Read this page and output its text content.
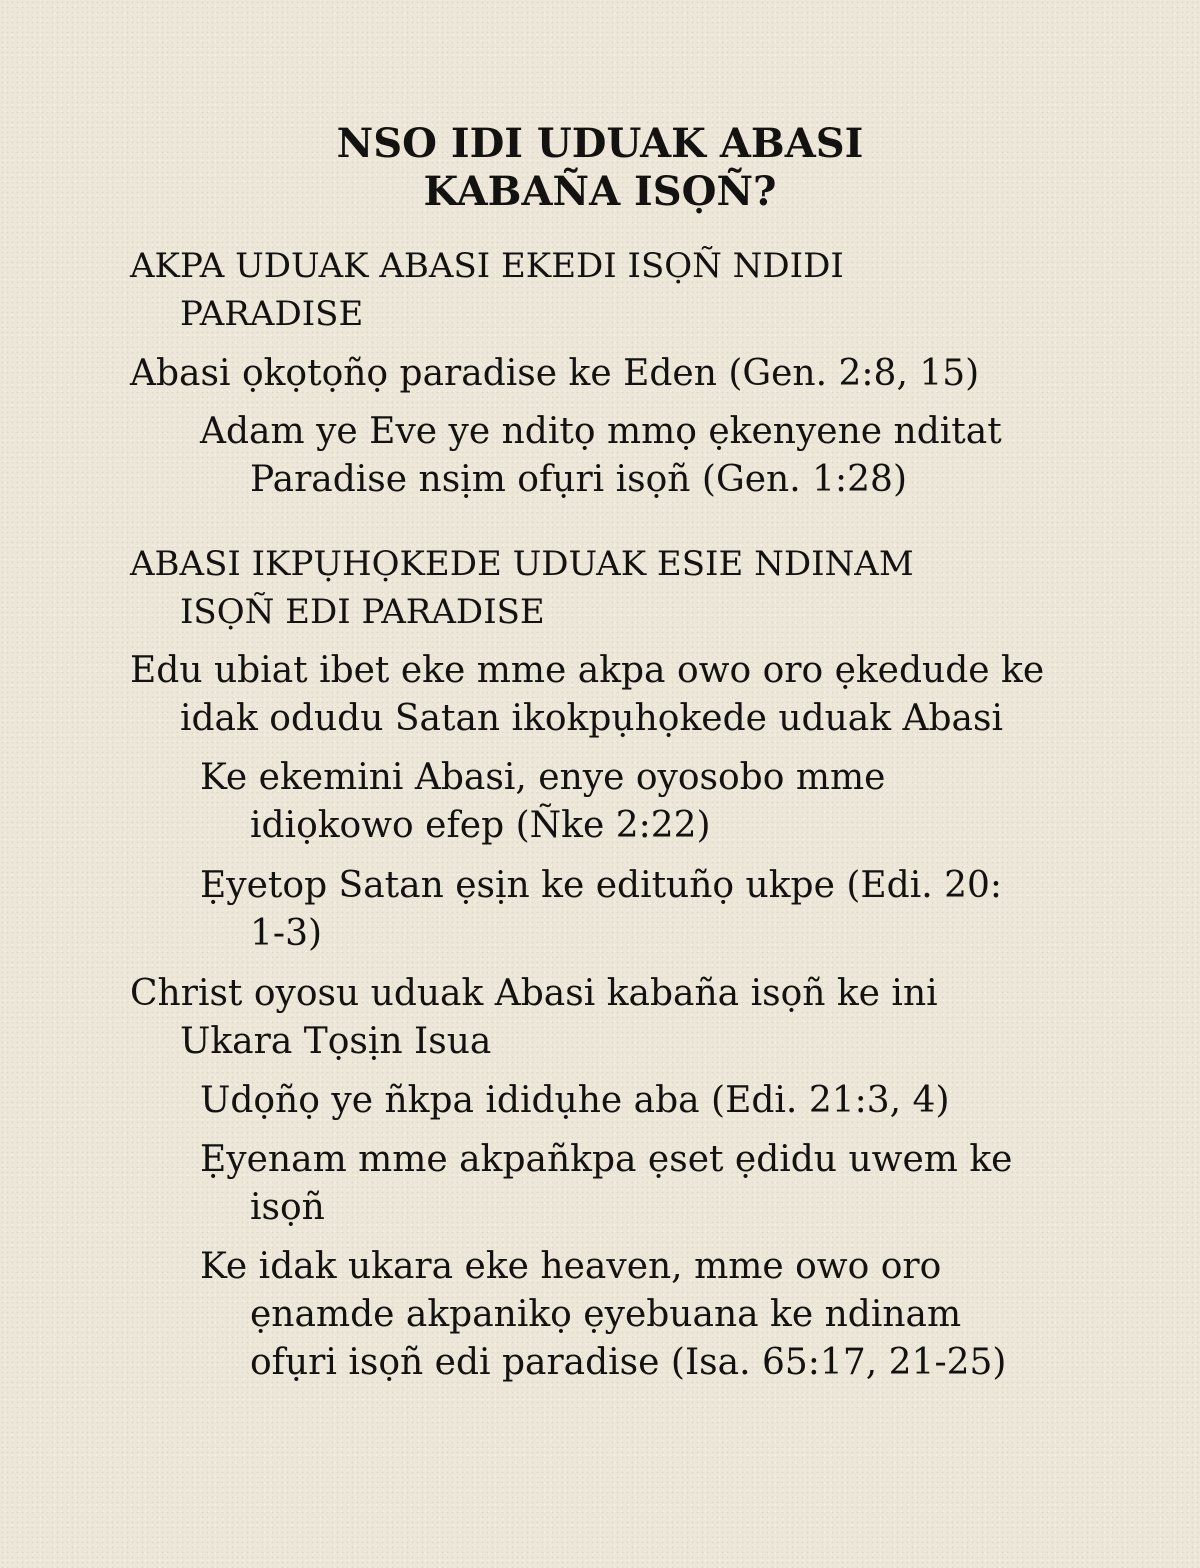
NSO IDI UDUAK ABASI
KABAÑA ISỌÑ?

AKPA UDUAK ABASI EKEDI ISỌÑ NDIDI

PARADISE

Abasi ọkọtọñọ paradise ke Eden (Gen. 2:8, 15)

Adam ye Eve ye nditọ mmọ ẹkenyene nditat

Paradise nsịm ofụri isọñ (Gen. 1:28)

ABASI IKPỤHỌKEDE UDUAK ESIE NDINAM

ISỌÑ EDI PARADISE

Edu ubiat ibet eke mme akpa owo oro ẹkedude ke

idak odudu Satan ikokpụhọkede uduak Abasi

Ke ekemini Abasi, enye oyosobo mme

idiọkowo efep (Ñke 2:22)

Ẹyetop Satan ẹsịn ke edituñọ ukpe (Edi. 20:

1-3)

Christ oyosu uduak Abasi kabaña isọñ ke ini

Ukara Tọsịn Isua

Udọñọ ye ñkpa ididụhe aba (Edi. 21:3, 4)

Ẹyenam mme akpañkpa ẹset ẹdidu uwem ke

isọñ

Ke idak ukara eke heaven, mme owo oro

ẹnamde akpanikọ ẹyebuana ke ndinam

ofụri isọñ edi paradise (Isa. 65:17, 21-25)
